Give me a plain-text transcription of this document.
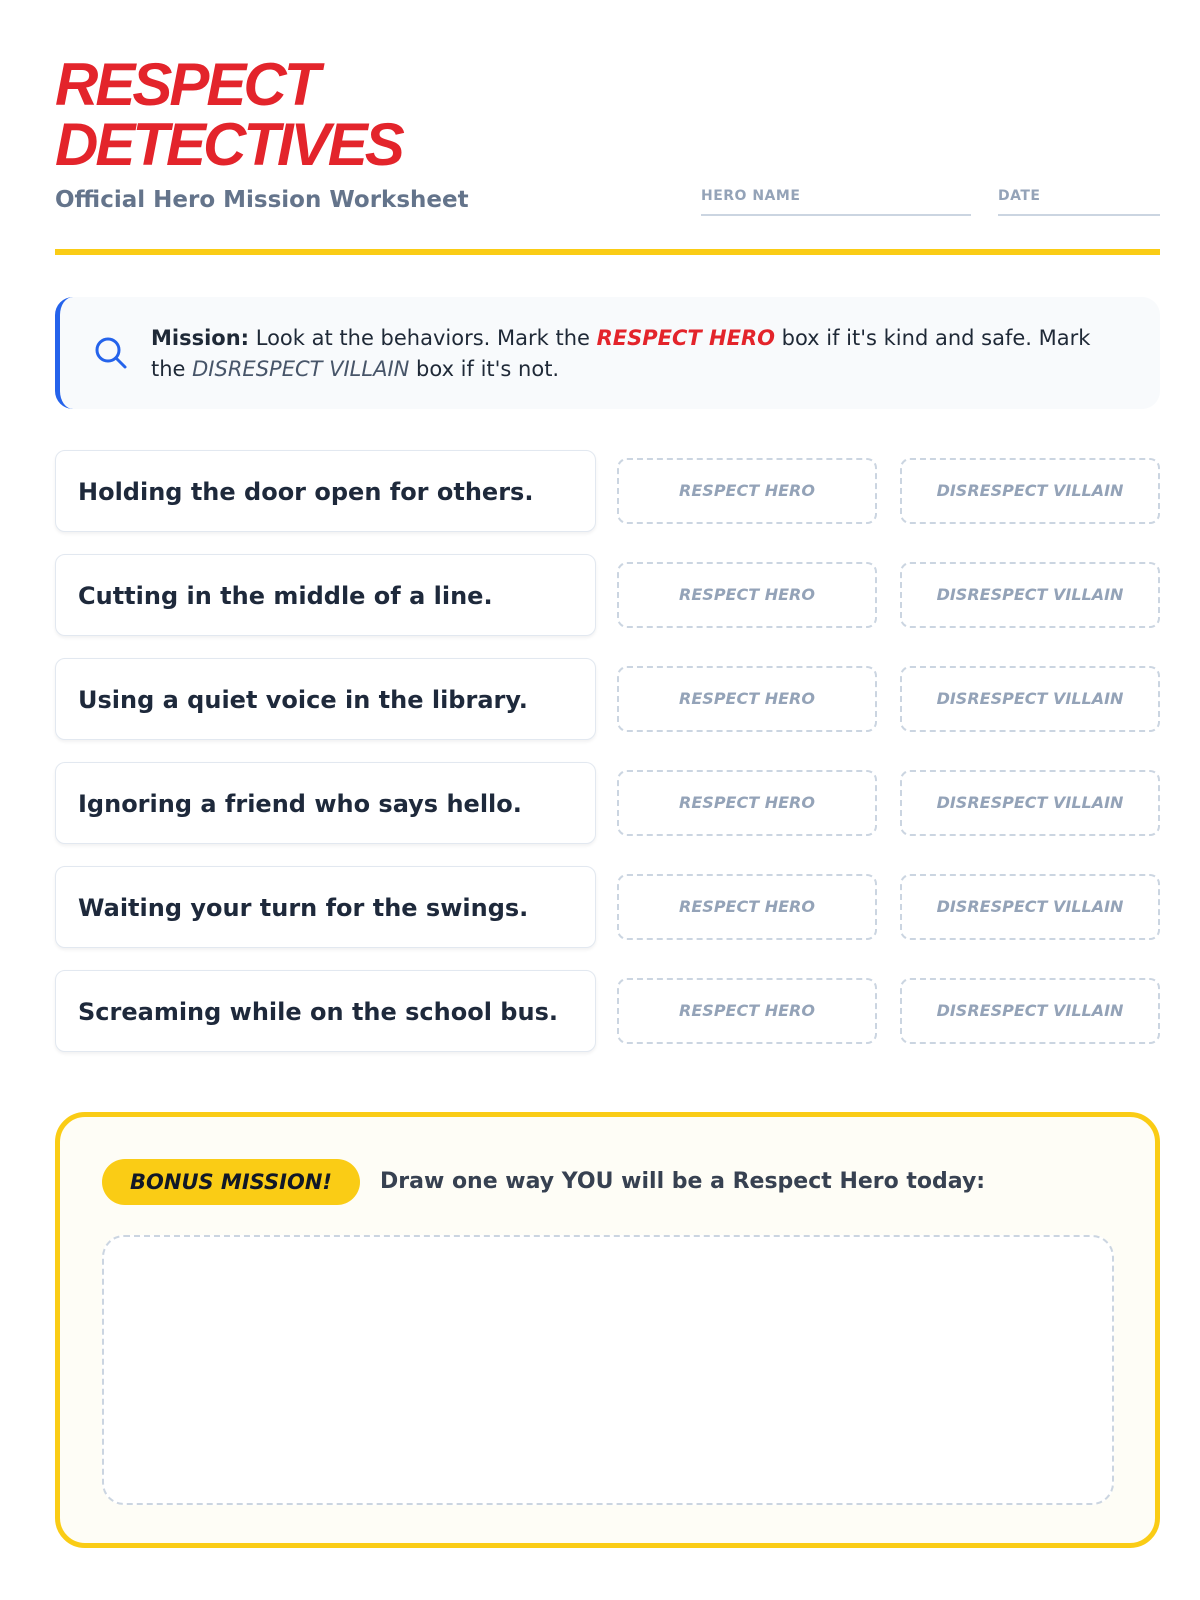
RESPECT
DETECTIVES
Official Hero Mission Worksheet	HERO NAME	DATE
Mission: Look at the behaviors. Mark the RESPECT HERO box if it's kind and safe. Mark the DISRESPECT VILLAIN box if it's not.
Holding the door open for others.	RESPECT HERO	DISRESPECT VILLAIN
Cutting in the middle of a line.	RESPECT HERO	DISRESPECT VILLAIN
Using a quiet voice in the library.	RESPECT HERO	DISRESPECT VILLAIN
Ignoring a friend who says hello.	RESPECT HERO	DISRESPECT VILLAIN
Waiting your turn for the swings.	RESPECT HERO	DISRESPECT VILLAIN
Screaming while on the school bus.	RESPECT HERO	DISRESPECT VILLAIN
BONUS MISSION!	Draw one way YOU will be a Respect Hero today:
